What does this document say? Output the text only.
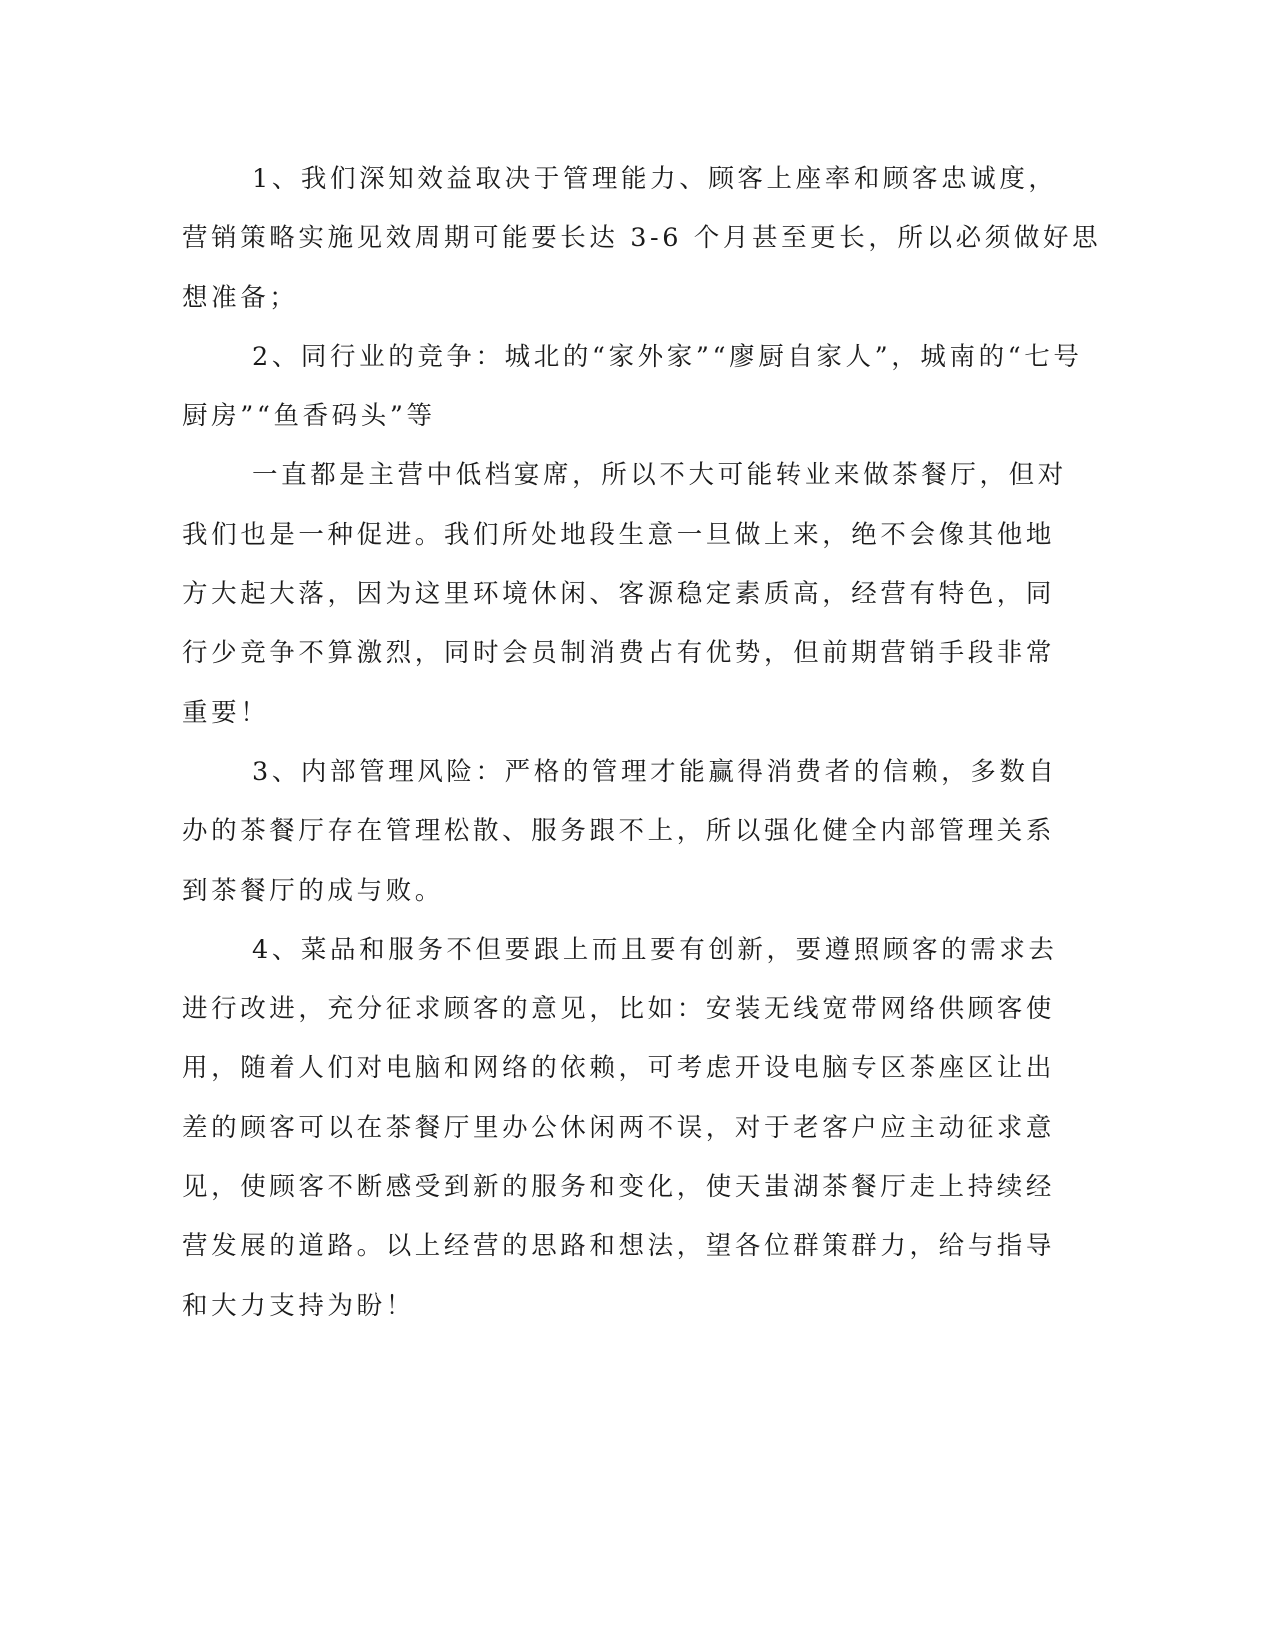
1、我们深知效益取决于管理能力、顾客上座率和顾客忠诚度，
营销策略实施见效周期可能要长达 3-6 个月甚至更长，所以必须做好思
想准备；
2、同行业的竞争：城北的“家外家”“廖厨自家人”，城南的“七号
厨房”“鱼香码头”等
一直都是主营中低档宴席，所以不大可能转业来做茶餐厅，但对
我们也是一种促进。我们所处地段生意一旦做上来，绝不会像其他地
方大起大落，因为这里环境休闲、客源稳定素质高，经营有特色，同
行少竞争不算激烈，同时会员制消费占有优势，但前期营销手段非常
重要！
3、内部管理风险：严格的管理才能赢得消费者的信赖，多数自
办的茶餐厅存在管理松散、服务跟不上，所以强化健全内部管理关系
到茶餐厅的成与败。
4、菜品和服务不但要跟上而且要有创新，要遵照顾客的需求去
进行改进，充分征求顾客的意见，比如：安装无线宽带网络供顾客使
用，随着人们对电脑和网络的依赖，可考虑开设电脑专区茶座区让出
差的顾客可以在茶餐厅里办公休闲两不误，对于老客户应主动征求意
见，使顾客不断感受到新的服务和变化，使天蚩湖茶餐厅走上持续经
营发展的道路。以上经营的思路和想法，望各位群策群力，给与指导
和大力支持为盼！
